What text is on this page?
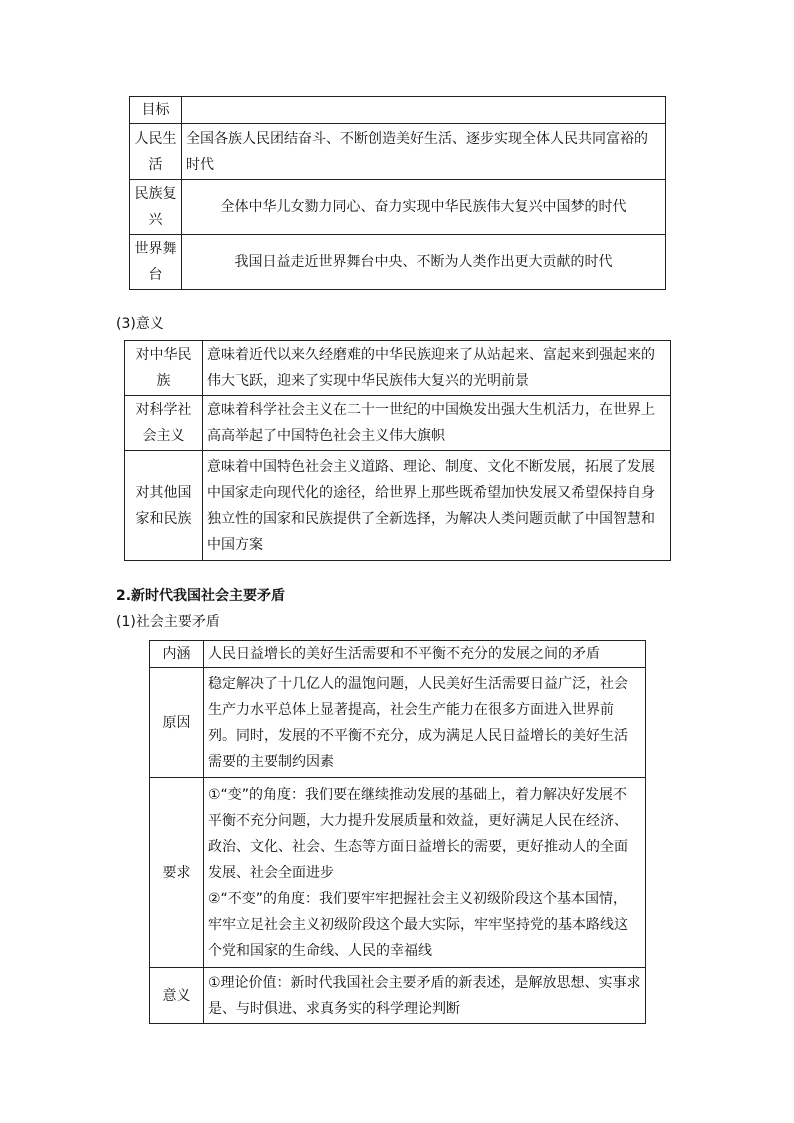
目标	
人民生活	全国各族人民团结奋斗、不断创造美好生活、逐步实现全体人民共同富裕的时代
民族复兴	全体中华儿女勠力同心、奋力实现中华民族伟大复兴中国梦的时代
世界舞台	我国日益走近世界舞台中央、不断为人类作出更大贡献的时代
(3)意义
对中华民族	意味着近代以来久经磨难的中华民族迎来了从站起来、富起来到强起来的伟大飞跃，迎来了实现中华民族伟大复兴的光明前景
对科学社会主义	意味着科学社会主义在二十一世纪的中国焕发出强大生机活力，在世界上高高举起了中国特色社会主义伟大旗帜
对其他国家和民族	意味着中国特色社会主义道路、理论、制度、文化不断发展，拓展了发展中国家走向现代化的途径，给世界上那些既希望加快发展又希望保持自身独立性的国家和民族提供了全新选择，为解决人类问题贡献了中国智慧和中国方案
2.新时代我国社会主要矛盾
(1)社会主要矛盾
内涵	人民日益增长的美好生活需要和不平衡不充分的发展之间的矛盾
原因	稳定解决了十几亿人的温饱问题，人民美好生活需要日益广泛，社会生产力水平总体上显著提高，社会生产能力在很多方面进入世界前列。同时，发展的不平衡不充分，成为满足人民日益增长的美好生活需要的主要制约因素
要求	①“变”的角度：我们要在继续推动发展的基础上，着力解决好发展不平衡不充分问题，大力提升发展质量和效益，更好满足人民在经济、政治、文化、社会、生态等方面日益增长的需要，更好推动人的全面发展、社会全面进步
②“不变”的角度：我们要牢牢把握社会主义初级阶段这个基本国情，牢牢立足社会主义初级阶段这个最大实际，牢牢坚持党的基本路线这个党和国家的生命线、人民的幸福线

意义	①理论价值：新时代我国社会主要矛盾的新表述，是解放思想、实事求是、与时俱进、求真务实的科学理论判断
